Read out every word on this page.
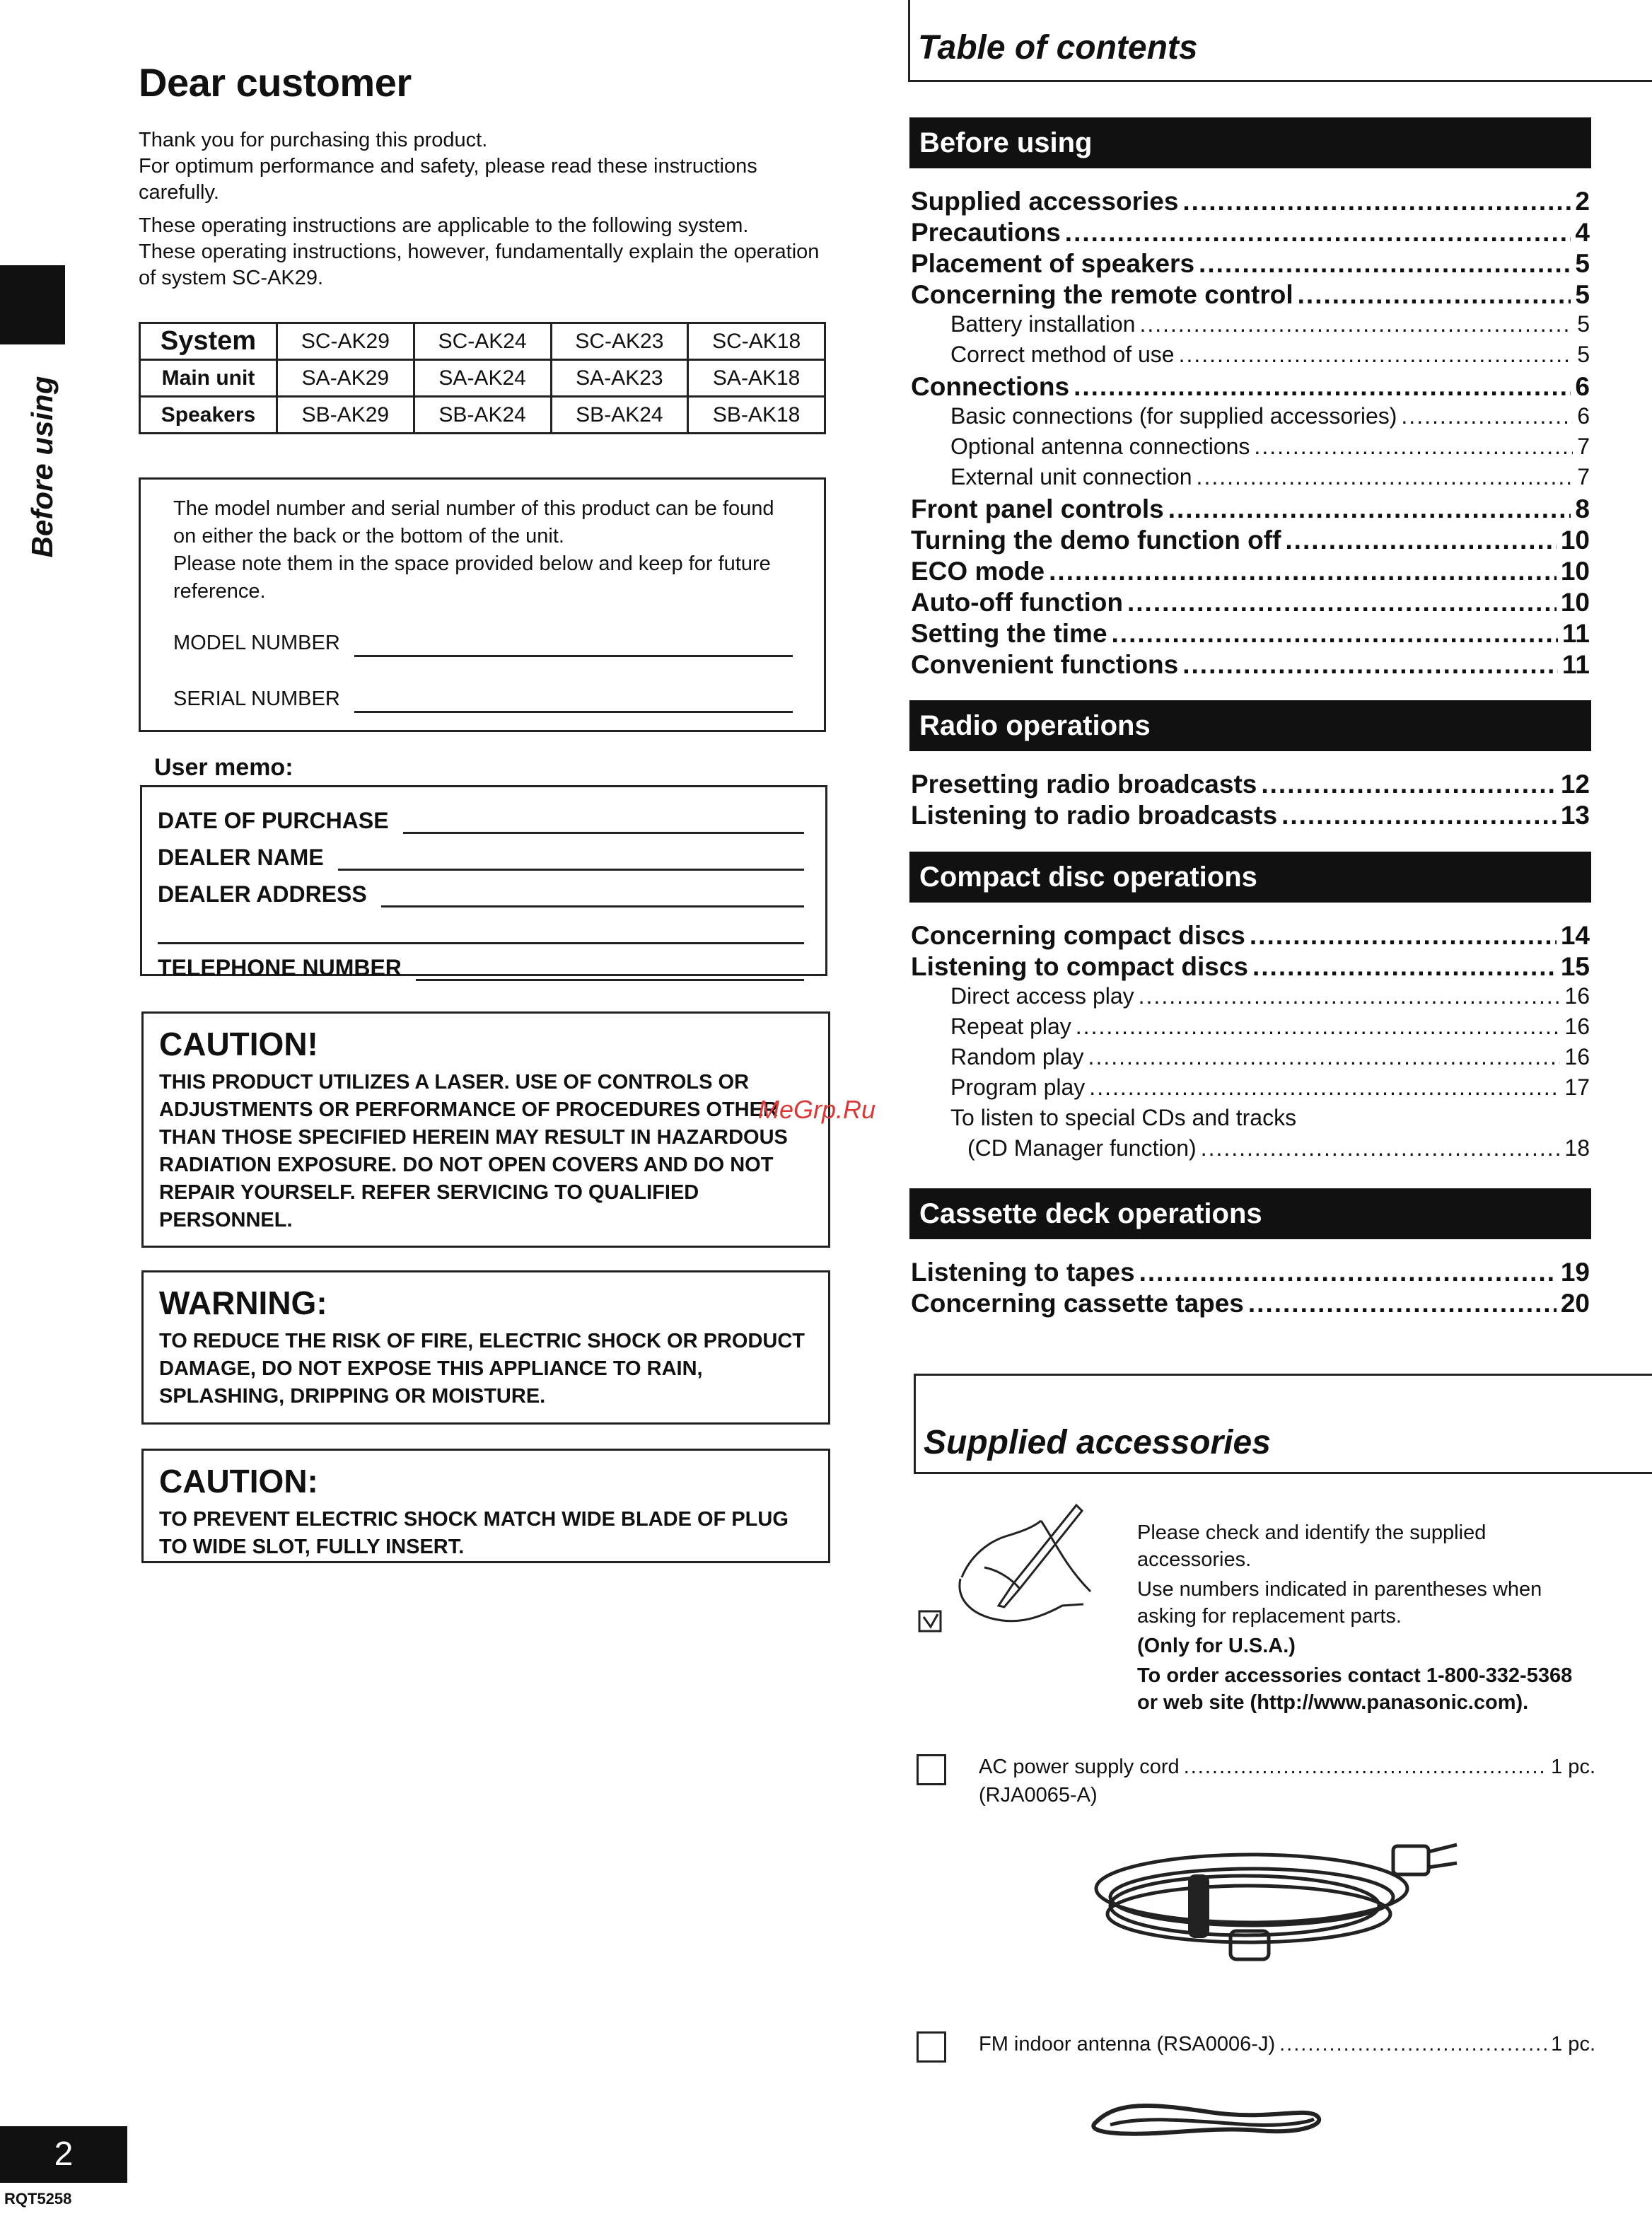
Before using
Dear customer

Thank you for purchasing this product.
For optimum performance and safety, please read these instructions carefully.

These operating instructions are applicable to the following system.
These operating instructions, however, fundamentally explain the operation of system SC-AK29.

System	SC-AK29	SC-AK24	SC-AK23	SC-AK18
Main unit	SA-AK29	SA-AK24	SA-AK23	SA-AK18
Speakers	SB-AK29	SB-AK24	SB-AK24	SB-AK18
The model number and serial number of this product can be found on either the back or the bottom of the unit.
Please note them in the space provided below and keep for future reference.
MODEL NUMBER
SERIAL NUMBER
User memo:
DATE OF PURCHASE
DEALER NAME
DEALER ADDRESS
TELEPHONE NUMBER
CAUTION!
THIS PRODUCT UTILIZES A LASER. USE OF CONTROLS OR ADJUSTMENTS OR PERFORMANCE OF PROCEDURES OTHER THAN THOSE SPECIFIED HEREIN MAY RESULT IN HAZARDOUS RADIATION EXPOSURE. DO NOT OPEN COVERS AND DO NOT REPAIR YOURSELF. REFER SERVICING TO QUALIFIED PERSONNEL.
WARNING:
TO REDUCE THE RISK OF FIRE, ELECTRIC SHOCK OR PRODUCT DAMAGE, DO NOT EXPOSE THIS APPLIANCE TO RAIN, SPLASHING, DRIPPING OR MOISTURE.
CAUTION:
TO PREVENT ELECTRIC SHOCK MATCH WIDE BLADE OF PLUG TO WIDE SLOT, FULLY INSERT.
MeGrp.Ru
Table of contents
Before using
Supplied accessories .....	2
Precautions .....	4
Placement of speakers .....	5
Concerning the remote control .....	5
Battery installation .....	5
Correct method of use .....	5
Connections .....	6
Basic connections (for supplied accessories) .....	6
Optional antenna connections .....	7
External unit connection .....	7
Front panel controls .....	8
Turning the demo function off .....	10
ECO mode .....	10
Auto-off function .....	10
Setting the time .....	11
Convenient functions .....	11
Radio operations
Presetting radio broadcasts .....	12
Listening to radio broadcasts .....	13
Compact disc operations
Concerning compact discs .....	14
Listening to compact discs .....	15
Direct access play .....	16
Repeat play .....	16
Random play .....	16
Program play .....	17
To listen to special CDs and tracks
(CD Manager function) .....	18
Cassette deck operations
Listening to tapes .....	19
Concerning cassette tapes .....	20
Supplied accessories

Please check and identify the supplied accessories.

Use numbers indicated in parentheses when asking for replacement parts.

(Only for U.S.A.)

To order accessories contact 1-800-332-5368 or web site (http://www.panasonic.com).

AC power supply cord .....	1 pc.
(RJA0065-A)
FM indoor antenna (RSA0006-J) .....	1 pc.
2
RQT5258
